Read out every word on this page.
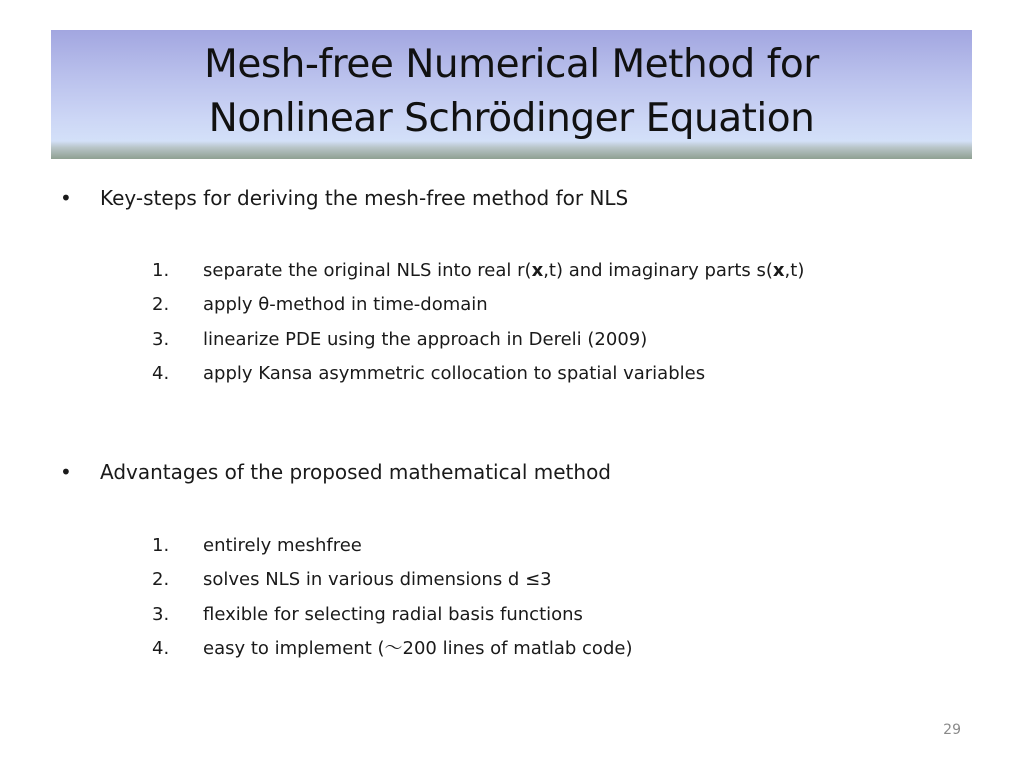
Mesh-free Numerical Method for
Nonlinear Schrödinger Equation
• Key-steps for deriving the mesh-free method for NLS
1.	separate the original NLS into real r(x,t) and imaginary parts s(x,t)
2.	apply θ-method in time-domain
3.	linearize PDE using the approach in Dereli (2009)
4.	apply Kansa asymmetric collocation to spatial variables
• Advantages of the proposed mathematical method
1.	entirely meshfree
2.	solves NLS in various dimensions d ≤3
3.	flexible for selecting radial basis functions
4.	easy to implement (～200 lines of matlab code)
29
